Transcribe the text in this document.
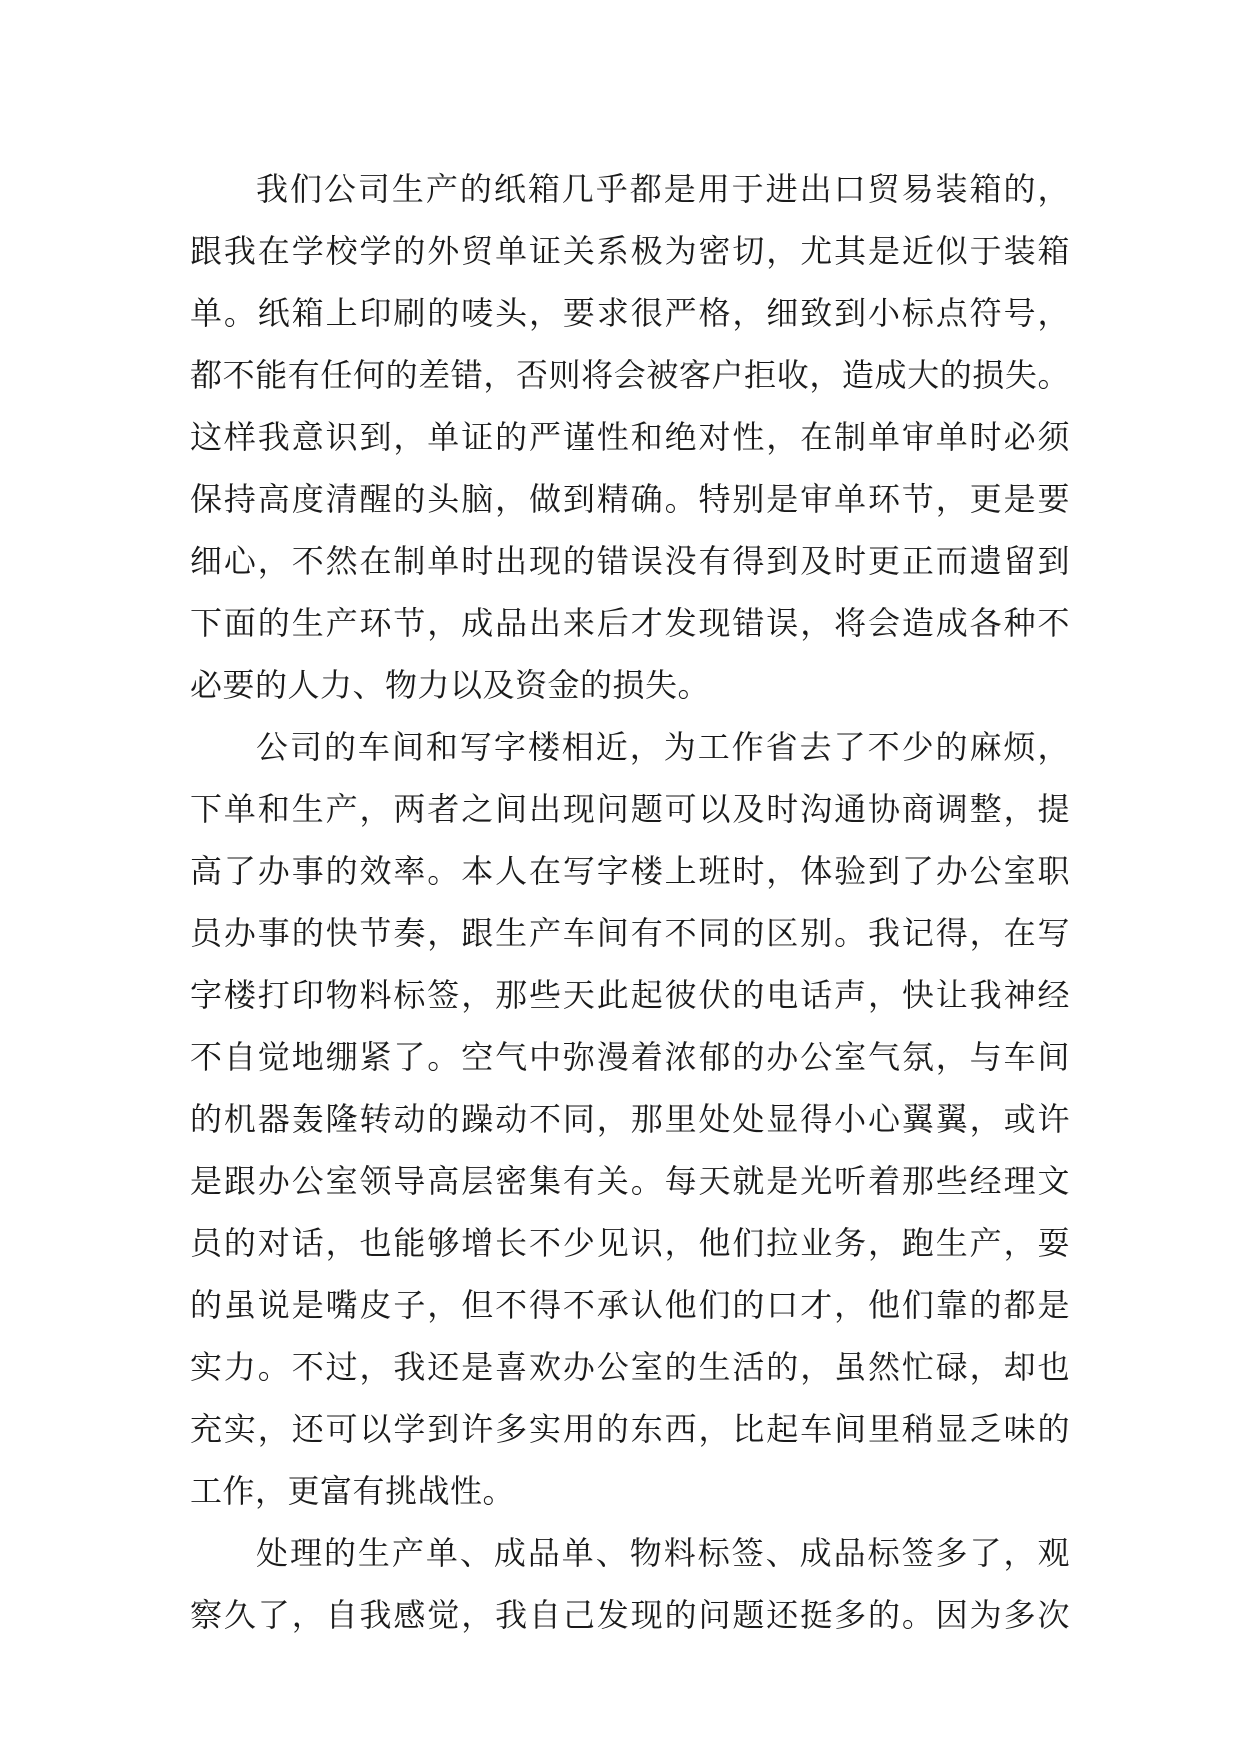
我们公司生产的纸箱几乎都是用于进出口贸易装箱的，
跟我在学校学的外贸单证关系极为密切，尤其是近似于装箱
单。纸箱上印刷的唛头，要求很严格，细致到小标点符号，
都不能有任何的差错，否则将会被客户拒收，造成大的损失。
这样我意识到，单证的严谨性和绝对性，在制单审单时必须
保持高度清醒的头脑，做到精确。特别是审单环节，更是要
细心，不然在制单时出现的错误没有得到及时更正而遗留到
下面的生产环节，成品出来后才发现错误，将会造成各种不
必要的人力、物力以及资金的损失。
公司的车间和写字楼相近，为工作省去了不少的麻烦，
下单和生产，两者之间出现问题可以及时沟通协商调整，提
高了办事的效率。本人在写字楼上班时，体验到了办公室职
员办事的快节奏，跟生产车间有不同的区别。我记得，在写
字楼打印物料标签，那些天此起彼伏的电话声，快让我神经
不自觉地绷紧了。空气中弥漫着浓郁的办公室气氛，与车间
的机器轰隆转动的躁动不同，那里处处显得小心翼翼，或许
是跟办公室领导高层密集有关。每天就是光听着那些经理文
员的对话，也能够增长不少见识，他们拉业务，跑生产，耍
的虽说是嘴皮子，但不得不承认他们的口才，他们靠的都是
实力。不过，我还是喜欢办公室的生活的，虽然忙碌，却也
充实，还可以学到许多实用的东西，比起车间里稍显乏味的
工作，更富有挑战性。
处理的生产单、成品单、物料标签、成品标签多了，观
察久了，自我感觉，我自己发现的问题还挺多的。因为多次
